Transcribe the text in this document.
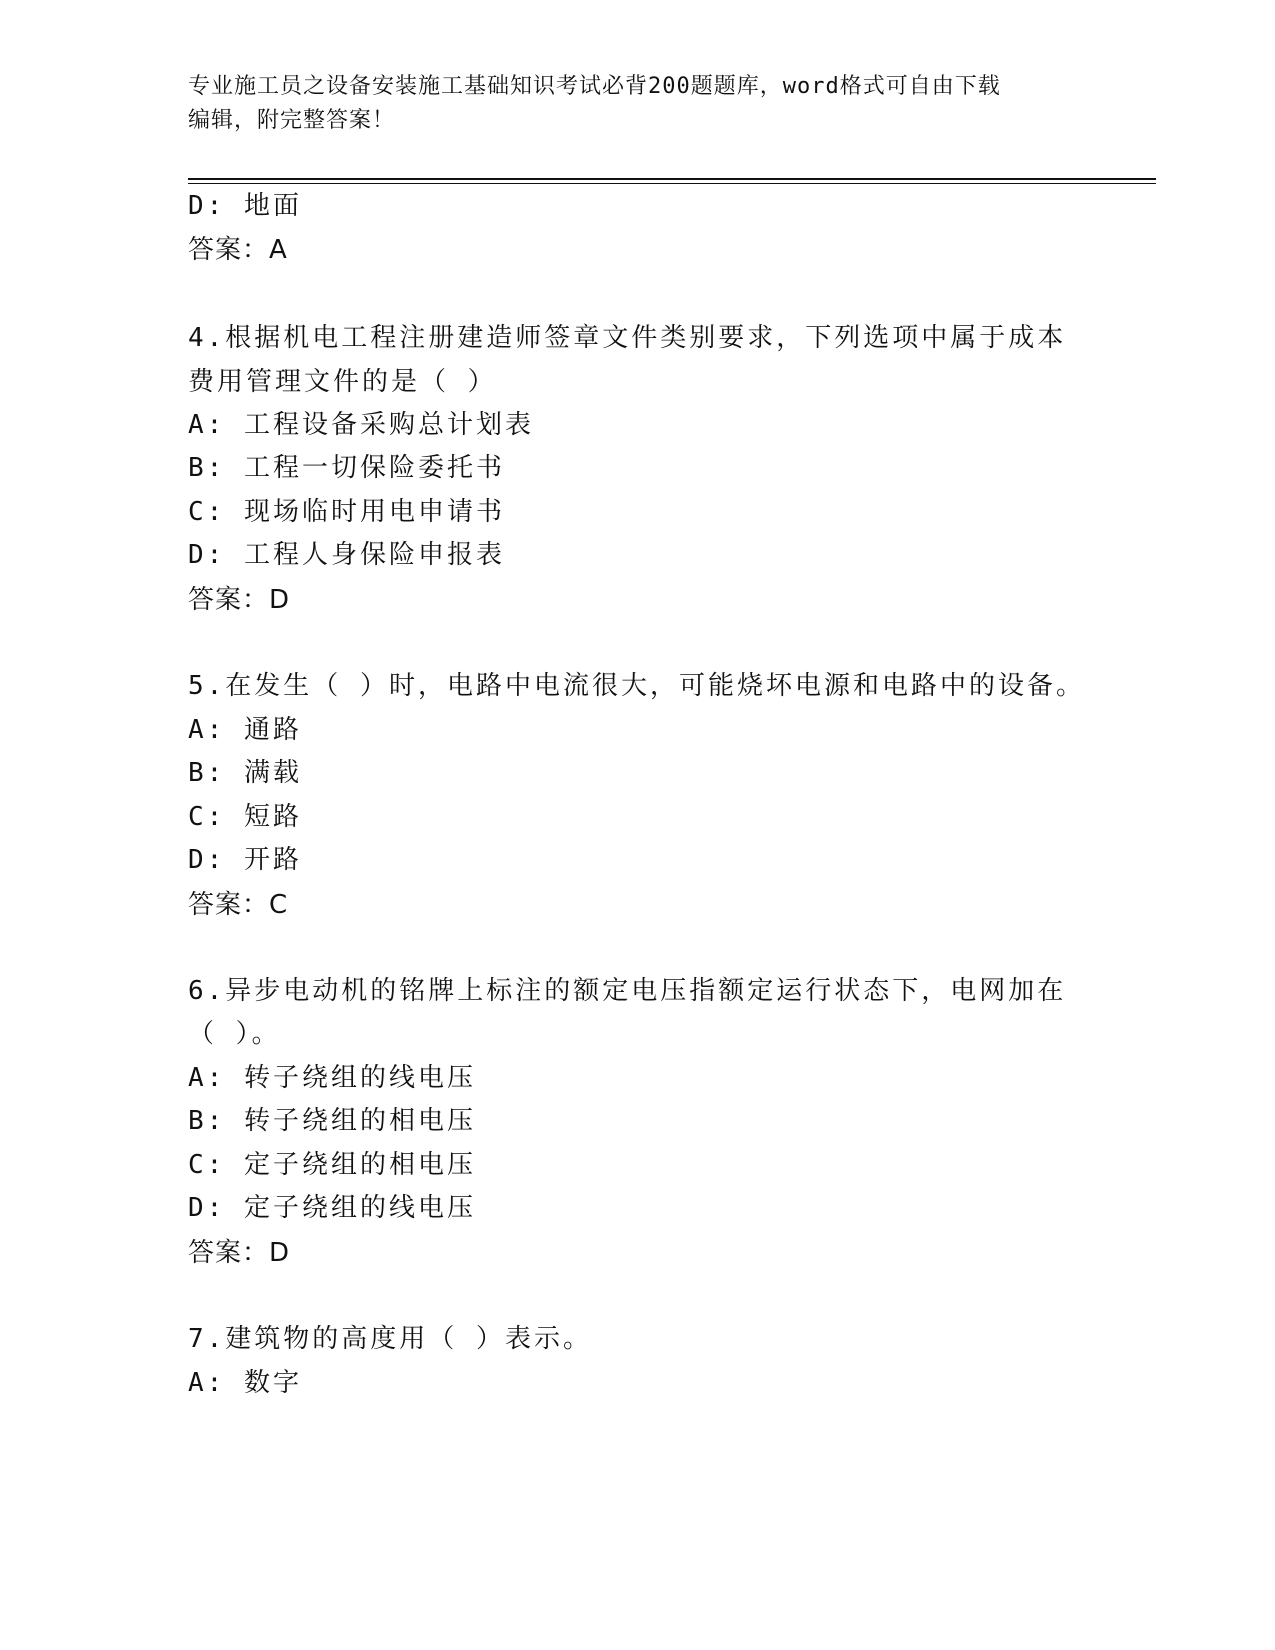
专业施工员之设备安装施工基础知识考试必背200题题库，word格式可自由下载
编辑，附完整答案！
D: 地面
答案：A
4.根据机电工程注册建造师签章文件类别要求，下列选项中属于成本
费用管理文件的是（ ）
A: 工程设备采购总计划表
B: 工程一切保险委托书
C: 现场临时用电申请书
D: 工程人身保险申报表
答案：D
5.在发生（ ）时，电路中电流很大，可能烧坏电源和电路中的设备。
A: 通路
B: 满载
C: 短路
D: 开路
答案：C
6.异步电动机的铭牌上标注的额定电压指额定运行状态下，电网加在
（ ）。
A: 转子绕组的线电压
B: 转子绕组的相电压
C: 定子绕组的相电压
D: 定子绕组的线电压
答案：D
7.建筑物的高度用（ ）表示。
A: 数字
